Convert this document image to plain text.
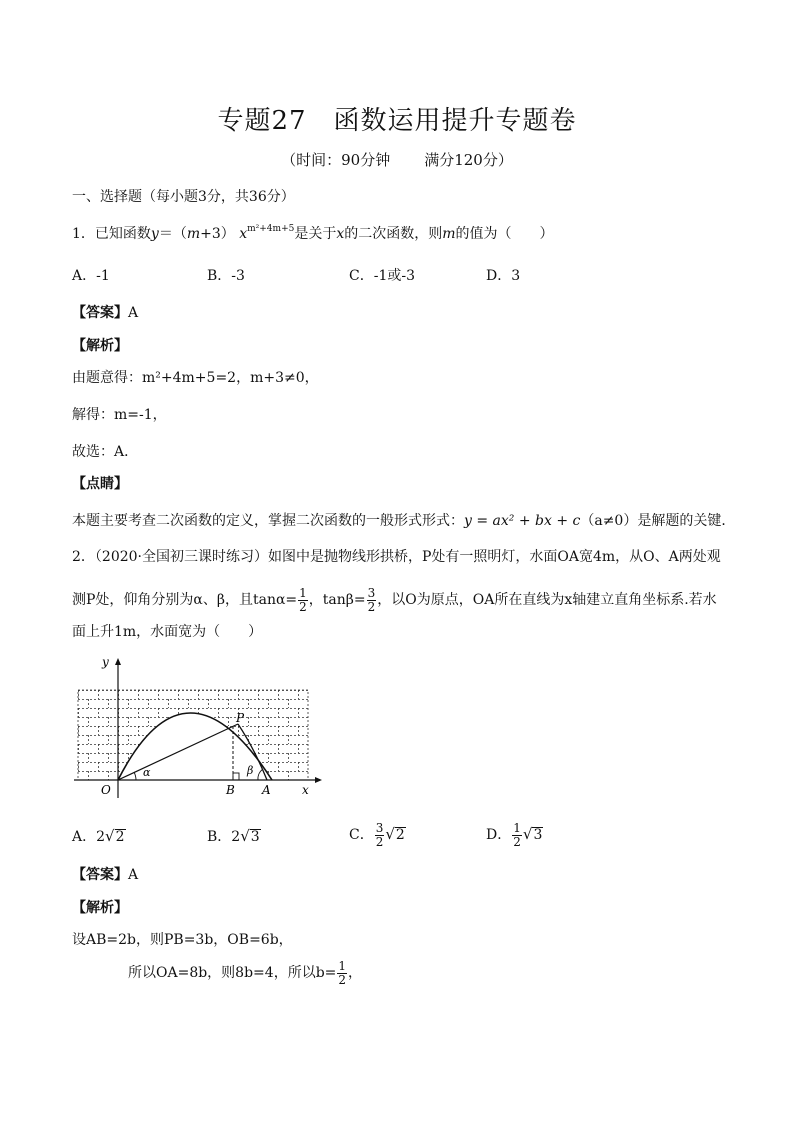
专题27　函数运用提升专题卷
（时间：90分钟 满分120分）
一、选择题（每小题3分，共36分）
1．已知函数y＝（m+3） $x^{m^2+4m+5}$是关于x的二次函数，则m的值为（　　）
A．-1	B．-3	C．-1或-3	D．3
【答案】A
【解析】
由题意得：m²+4m+5=2，m+3≠0，
解得：m=-1，
故选：A．
【点睛】
本题主要考查二次函数的定义，掌握二次函数的一般形式形式：y = ax² + bx + c（a≠0）是解题的关键．
2．（2020·全国初三课时练习）如图中是抛物线形拱桥，P处有一照明灯，水面OA宽4m，从O、A两处观
测P处，仰角分别为α、β，且$\tan\alpha= \frac{1}{2}$ ，$\tan\beta= \frac{3}{2}$ ，以O为原点，OA所在直线为x轴建立直角坐标系.若水
面上升1m，水面宽为（　　）
y
x
O	B A
P
α	β
A．2√2	B．2√3	C． $\frac{3}{2} √2$	D． $\frac{1}{2} √3$
【答案】A
【解析】
设AB=2b，则PB=3b，OB=6b，
所以OA=8b，则8b=4，所以$b= \frac{1}{2}$ ，
